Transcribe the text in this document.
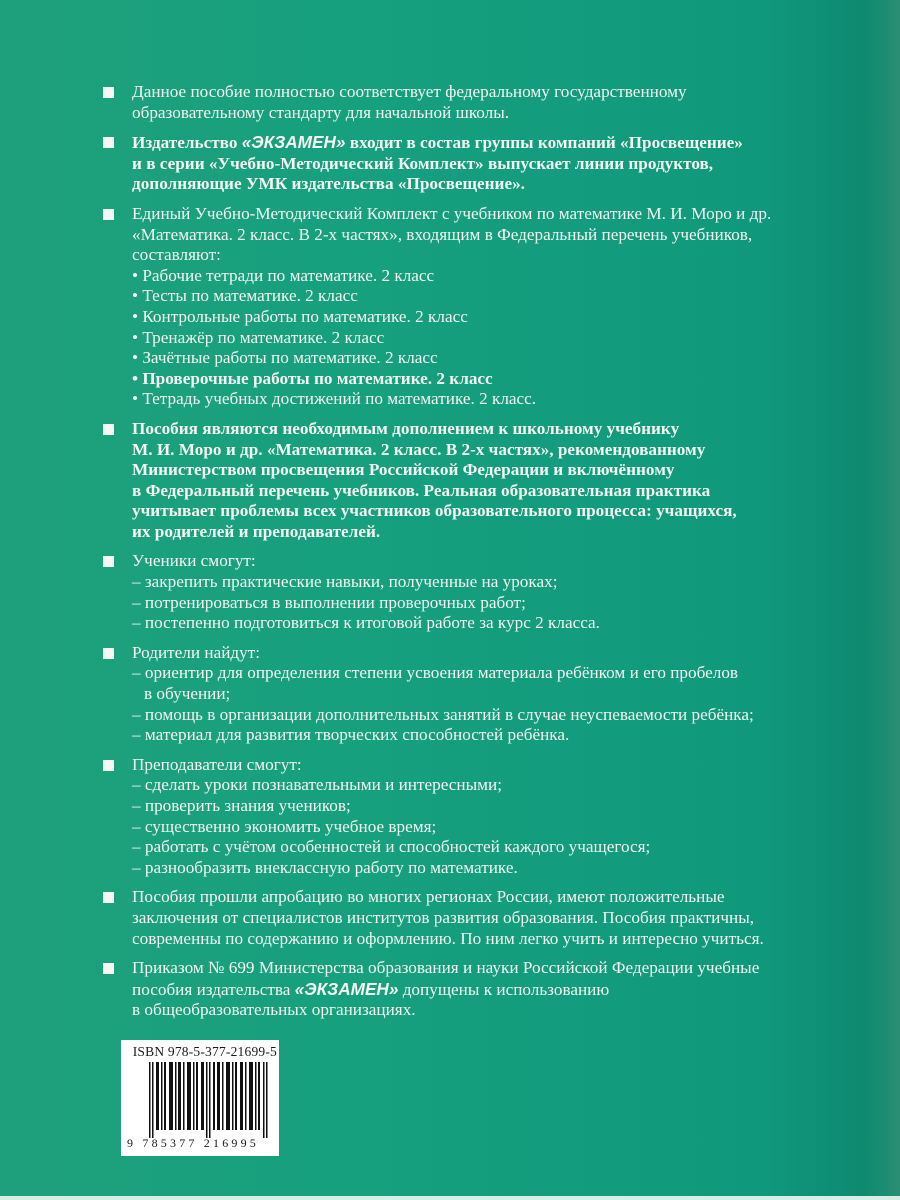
Данное пособие полностью соответствует федеральному государственному
образовательному стандарту для начальной школы.
Издательство «ЭКЗАМЕН» входит в состав группы компаний «Просвещение»
и в серии «Учебно-Методический Комплект» выпускает линии продуктов,
дополняющие УМК издательства «Просвещение».
Единый Учебно-Методический Комплект с учебником по математике М. И. Моро и др.
«Математика. 2 класс. В 2-х частях», входящим в Федеральный перечень учебников,
составляют:
• Рабочие тетради по математике. 2 класс
• Тесты по математике. 2 класс
• Контрольные работы по математике. 2 класс
• Тренажёр по математике. 2 класс
• Зачётные работы по математике. 2 класс
• Проверочные работы по математике. 2 класс
• Тетрадь учебных достижений по математике. 2 класс.
Пособия являются необходимым дополнением к школьному учебнику
М. И. Моро и др. «Математика. 2 класс. В 2-х частях», рекомендованному
Министерством просвещения Российской Федерации и включённому
в Федеральный перечень учебников. Реальная образовательная практика
учитывает проблемы всех участников образовательного процесса: учащихся,
их родителей и преподавателей.
Ученики смогут:
– закрепить практические навыки, полученные на уроках;
– потренироваться в выполнении проверочных работ;
– постепенно подготовиться к итоговой работе за курс 2 класса.
Родители найдут:
– ориентир для определения степени усвоения материала ребёнком и его пробелов
в обучении;
– помощь в организации дополнительных занятий в случае неуспеваемости ребёнка;
– материал для развития творческих способностей ребёнка.
Преподаватели смогут:
– сделать уроки познавательными и интересными;
– проверить знания учеников;
– существенно экономить учебное время;
– работать с учётом особенностей и способностей каждого учащегося;
– разнообразить внеклассную работу по математике.
Пособия прошли апробацию во многих регионах России, имеют положительные
заключения от специалистов институтов развития образования. Пособия практичны,
современны по содержанию и оформлению. По ним легко учить и интересно учиться.
Приказом № 699 Министерства образования и науки Российской Федерации учебные
пособия издательства «ЭКЗАМЕН» допущены к использованию
в общеобразовательных организациях.
ISBN 978-5-377-21699-5
9 785377 216995
